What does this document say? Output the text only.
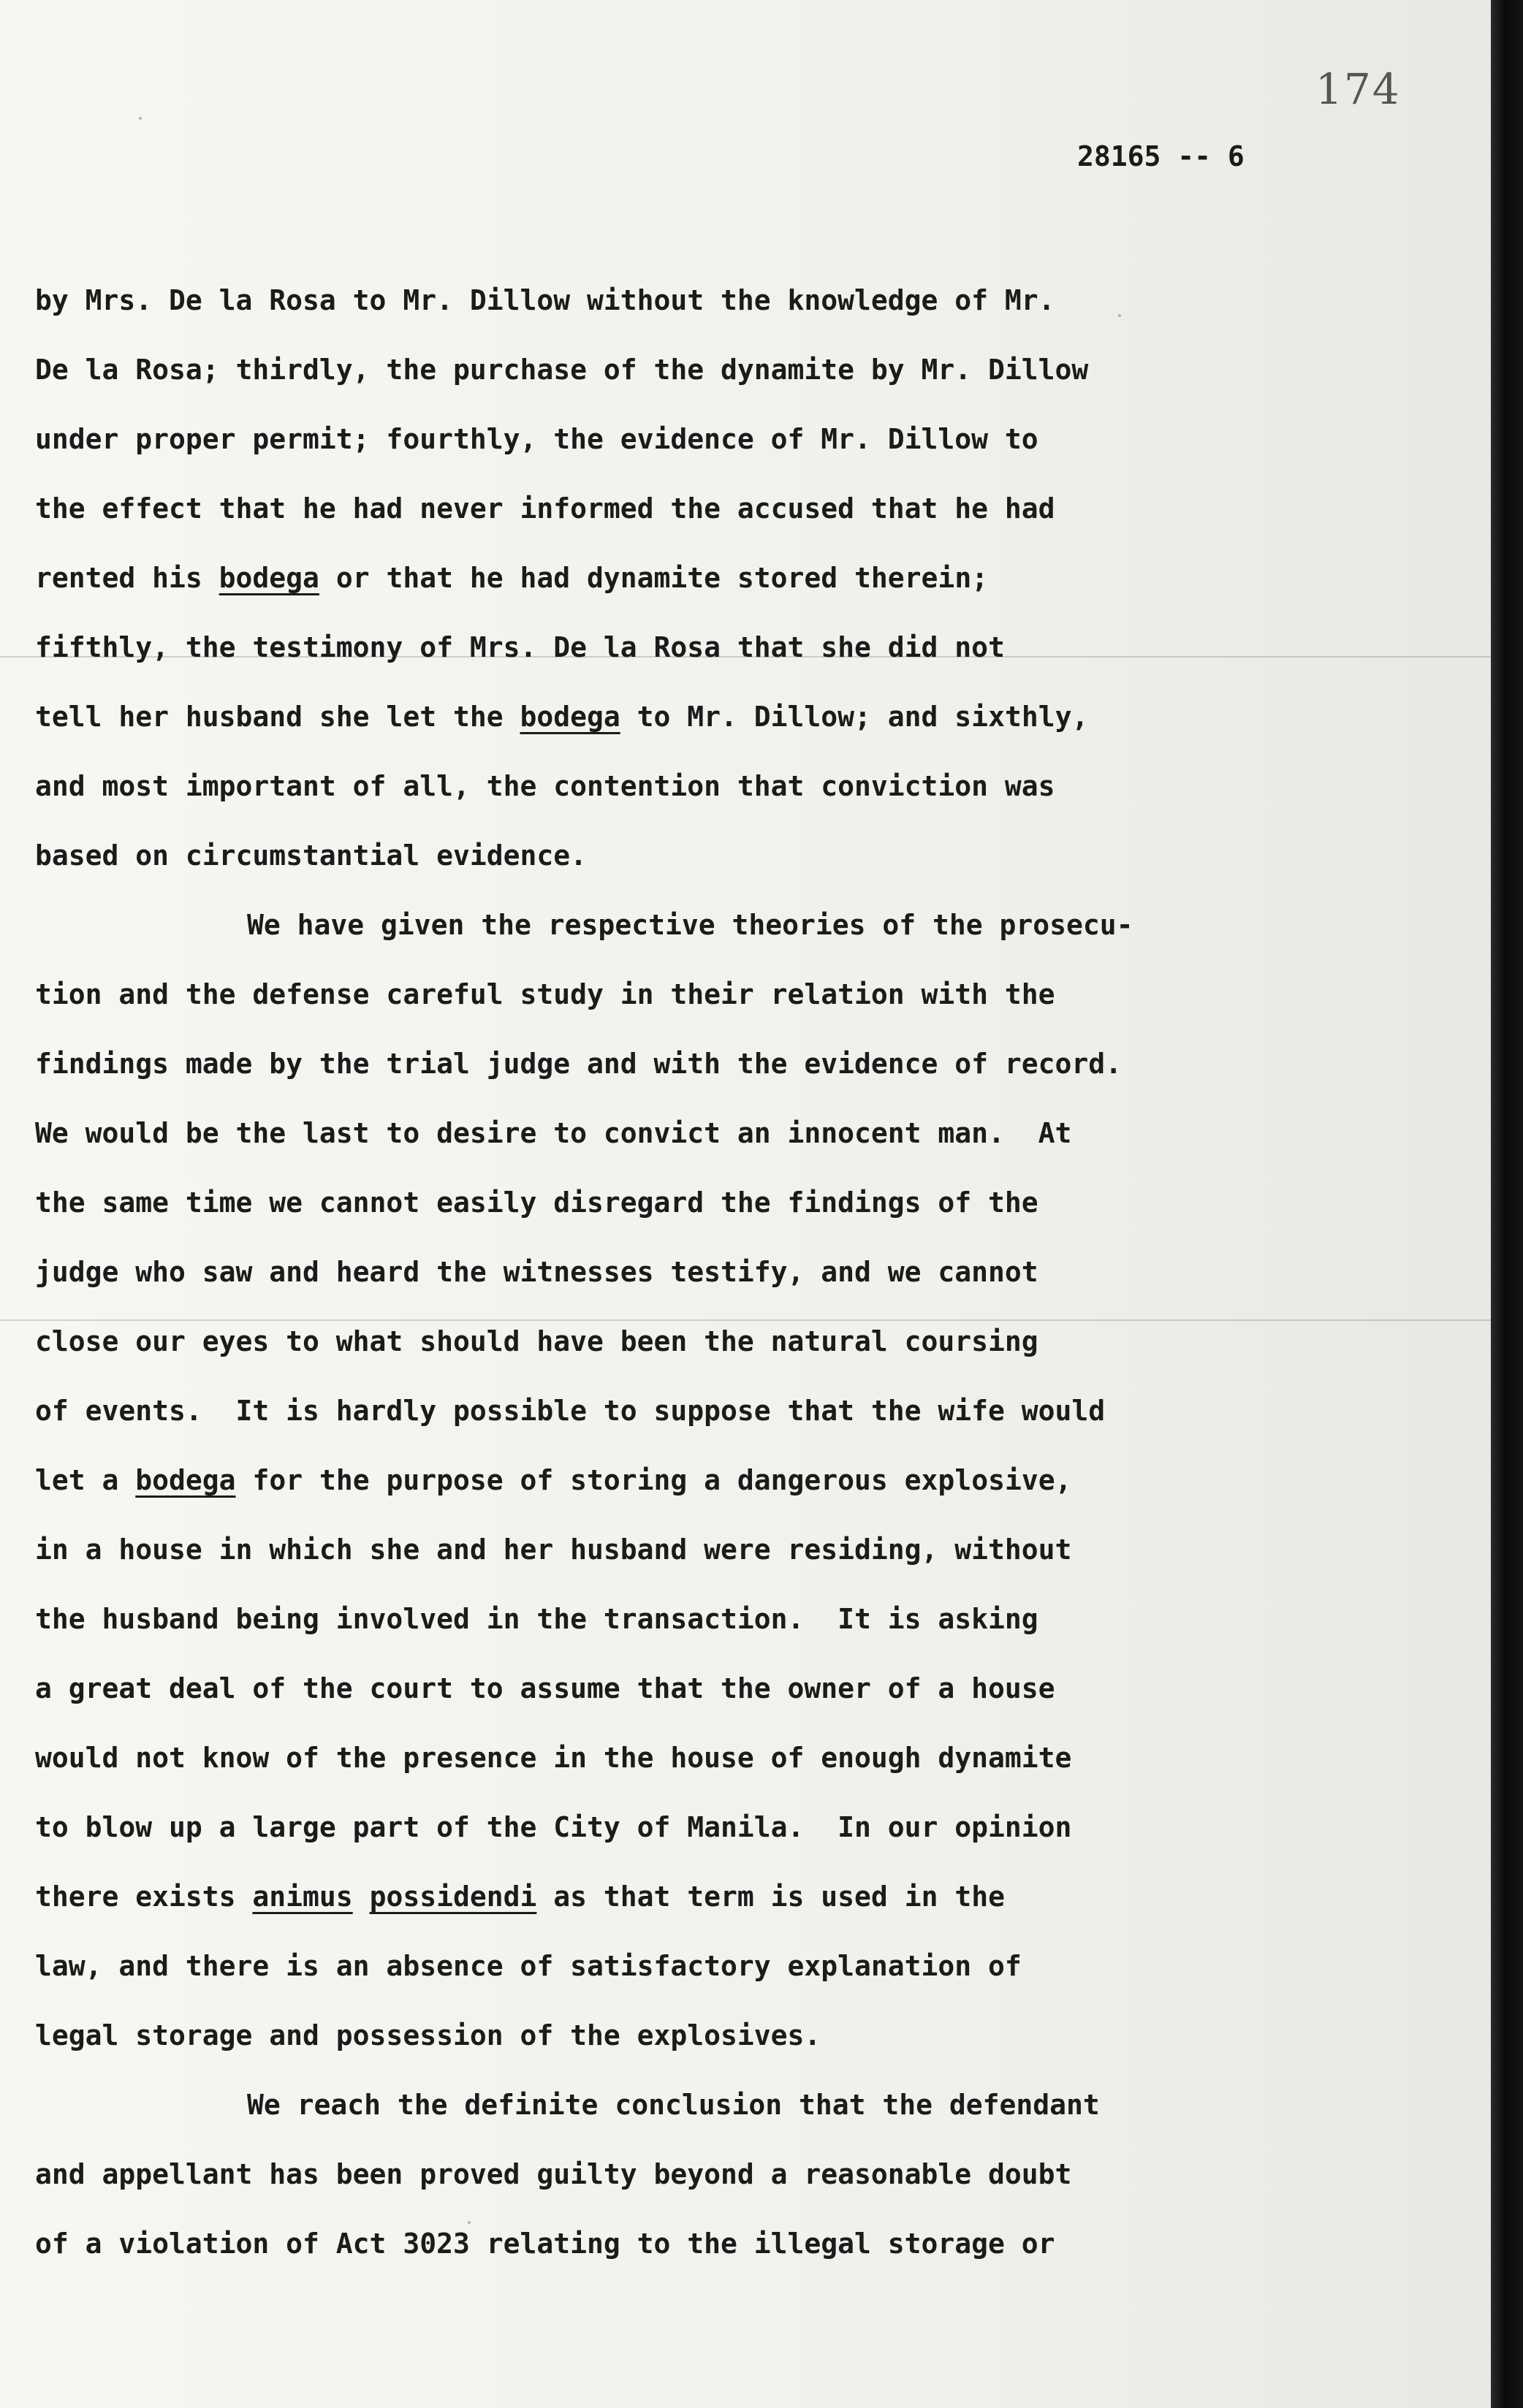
174
28165 -- 6
by Mrs. De la Rosa to Mr. Dillow without the knowledge of Mr.
De la Rosa; thirdly, the purchase of the dynamite by Mr. Dillow
under proper permit; fourthly, the evidence of Mr. Dillow to
the effect that he had never informed the accused that he had
rented his bodega or that he had dynamite stored therein;
fifthly, the testimony of Mrs. De la Rosa that she did not
tell her husband she let the bodega to Mr. Dillow; and sixthly,
and most important of all, the contention that conviction was
based on circumstantial evidence.
We have given the respective theories of the prosecu-
tion and the defense careful study in their relation with the
findings made by the trial judge and with the evidence of record.
We would be the last to desire to convict an innocent man.  At
the same time we cannot easily disregard the findings of the
judge who saw and heard the witnesses testify, and we cannot
close our eyes to what should have been the natural coursing
of events.  It is hardly possible to suppose that the wife would
let a bodega for the purpose of storing a dangerous explosive,
in a house in which she and her husband were residing, without
the husband being involved in the transaction.  It is asking
a great deal of the court to assume that the owner of a house
would not know of the presence in the house of enough dynamite
to blow up a large part of the City of Manila.  In our opinion
there exists animus possidendi as that term is used in the
law, and there is an absence of satisfactory explanation of
legal storage and possession of the explosives.
We reach the definite conclusion that the defendant
and appellant has been proved guilty beyond a reasonable doubt
of a violation of Act 3023 relating to the illegal storage or
